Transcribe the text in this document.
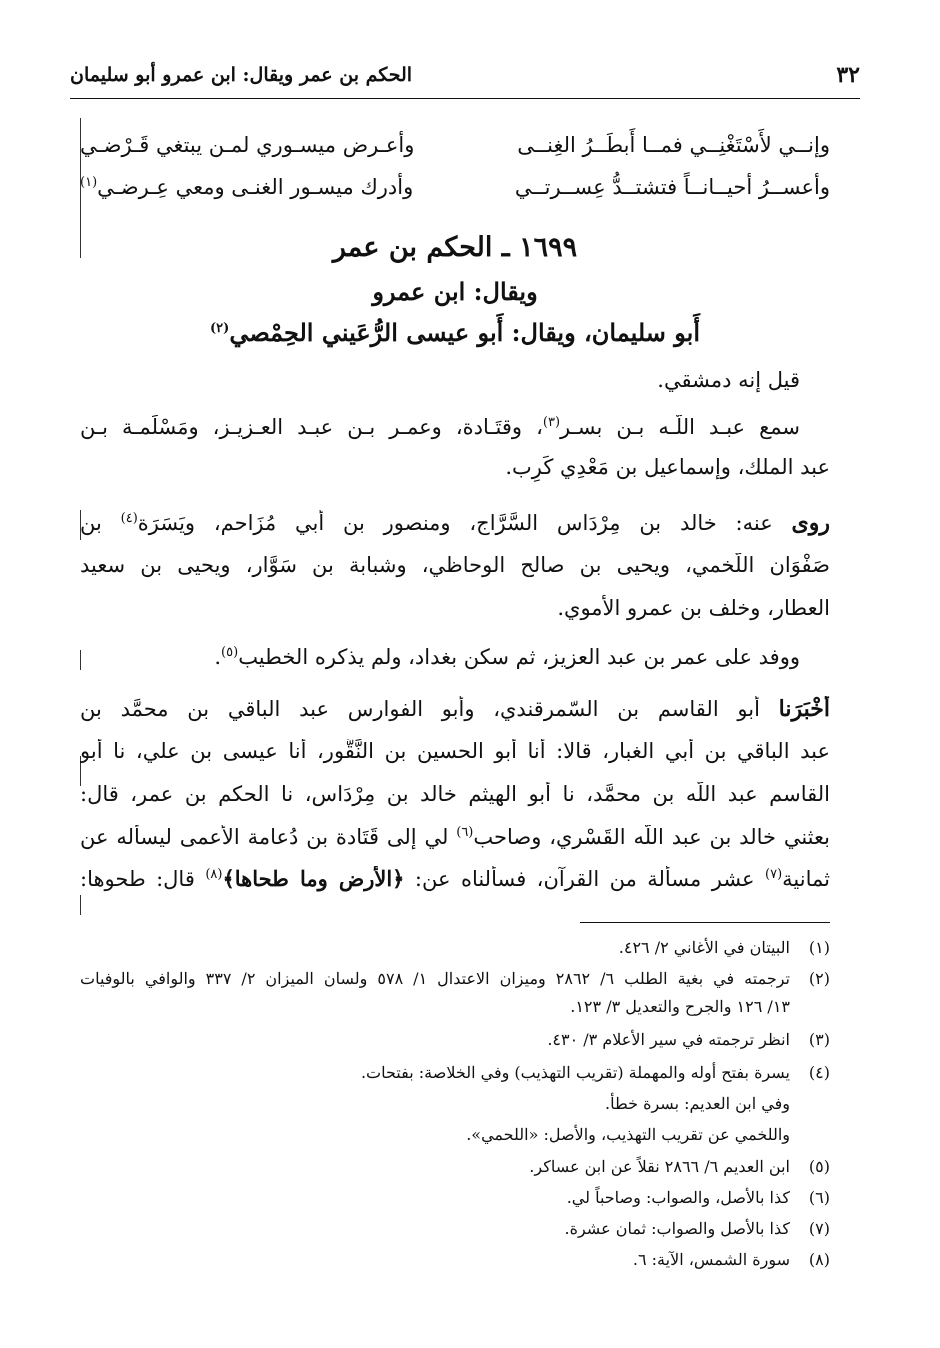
٣٢
الحكم بن عمر ويقال: ابن عمرو أبو سليمان
وإنــي لأَسْتَغْنِــي فمــا أَبطَــرُ الغِنــى
وأعـرض ميسـوري لمـن يبتغي قَـرْضـي
وأعســرُ أحيــانــاً فتشتــدُّ عِســرتــي
وأدرك ميسـور الغنـى ومعي عِـرضـي$^{(١)}$
١٦٩٩ ـ الحكم بن عمر
ويقال: ابن عمرو
أَبو سليمان، ويقال: أَبو عيسى الرُّعَيني الحِمْصي$^{(٢)}$
قيل إنه دمشقي.
سمع عبـد اللّـه بـن بسـر$^{(٣)}$، وقتَـادة، وعمـر بـن عبـد العـزيـز، ومَسْلَمـة بـن
عبد الملك، وإسماعيل بن مَعْدِي كَرِب.
روى عنه: خالد بن مِرْدَاس السَّرَّاج، ومنصور بن أَبي مُزَاحم، ويَسَرَة$^{(٤)}$ بن
صَفْوَان اللّخمي، ويحيى بن صالح الوحاظي، وشبابة بن سَوَّار، ويحيى بن سعيد
العطار، وخلف بن عمرو الأموي.
ووفد على عمر بن عبد العزيز، ثم سكن بغداد، ولم يذكره الخطيب$^{(٥)}$.
أَخْبَرَنا أَبو القاسم بن السّمرقندي، وأَبو الفوارس عبد الباقي بن محمَّد بن
عبد الباقي بن أَبي الغبار، قالا: أنا أَبو الحسين بن النَّقُّور، أَنا عيسى بن علي، نا أَبو
القاسم عبد اللّه بن محمَّد، نا أبو الهيثم خالد بن مِرْدَاس، نا الحكم بن عمر، قال:
بعثني خالد بن عبد اللّه القَسْري، وصاحب$^{(٦)}$ لي إلى قَتَادة بن دُعامة الأعمى ليسأله عن
ثمانية$^{(٧)}$ عشر مسألة من القرآن، فسألناه عن: ﴿الأرض وما طحاها﴾$^{(٨)}$ قال: طحوها:
(١)
البيتان في الأغاني ٢/ ٤٢٦.
(٢)
ترجمته في بغية الطلب ٦/ ٢٨٦٢ وميزان الاعتدال ١/ ٥٧٨ ولسان الميزان ٢/ ٣٣٧ والوافي بالوفيات
١٣/ ١٢٦ والجرح والتعديل ٣/ ١٢٣.
(٣)
انظر ترجمته في سير الأعلام ٣/ ٤٣٠.
(٤)
يسرة بفتح أوله والمهملة (تقريب التهذيب) وفي الخلاصة: بفتحات.
وفي ابن العديم: بسرة خطأ.
واللخمي عن تقريب التهذيب، والأصل: «اللحمي».
(٥)
ابن العديم ٦/ ٢٨٦٦ نقلاً عن ابن عساكر.
(٦)
كذا بالأصل، والصواب: وصاحباً لي.
(٧)
كذا بالأصل والصواب: ثمان عشرة.
(٨)
سورة الشمس، الآية: ٦.
